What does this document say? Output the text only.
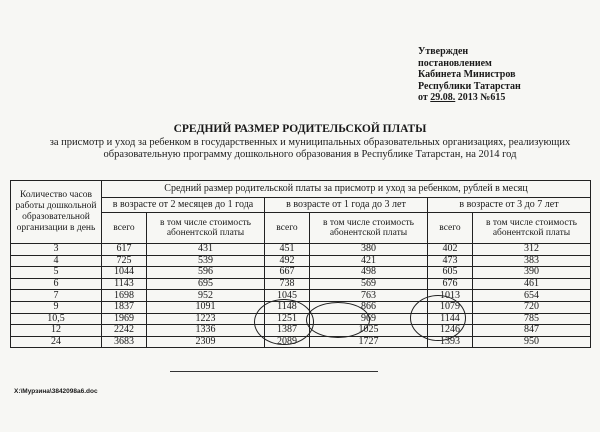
Утвержден
постановлением
Кабинета Министров
Республики Татарстан
от 29.08. 2013 №615
СРЕДНИЙ РАЗМЕР РОДИТЕЛЬСКОЙ ПЛАТЫ
за присмотр и уход за ребенком в государственных и муниципальных образовательных организациях, реализующих образовательную программу дошкольного образования в Республике Татарстан, на 2014 год
Количество часов работы дошкольной образовательной организации в день	Средний размер родительской платы за присмотр и уход за ребенком, рублей в месяц					
	в возрасте от 2 месяцев до 1 года		в возрасте от 1 года до 3 лет		в возрасте от 3 до 7 лет	
	всего	в том числе стоимость абонентской платы	всего	в том числе стоимость абонентской платы	всего	в том числе стоимость абонентской платы
3	617	431	451	380	402	312
4	725	539	492	421	473	383
5	1044	596	667	498	605	390
6	1143	695	738	569	676	461
7	1698	952	1045	763	1013	654
9	1837	1091	1148	866	1079	720
10,5	1969	1223	1251	969	1144	785
12	2242	1336	1387	1025	1246	847
24	3683	2309	2089	1727	1393	950
X:\Мурзина\3842098a6.doc
